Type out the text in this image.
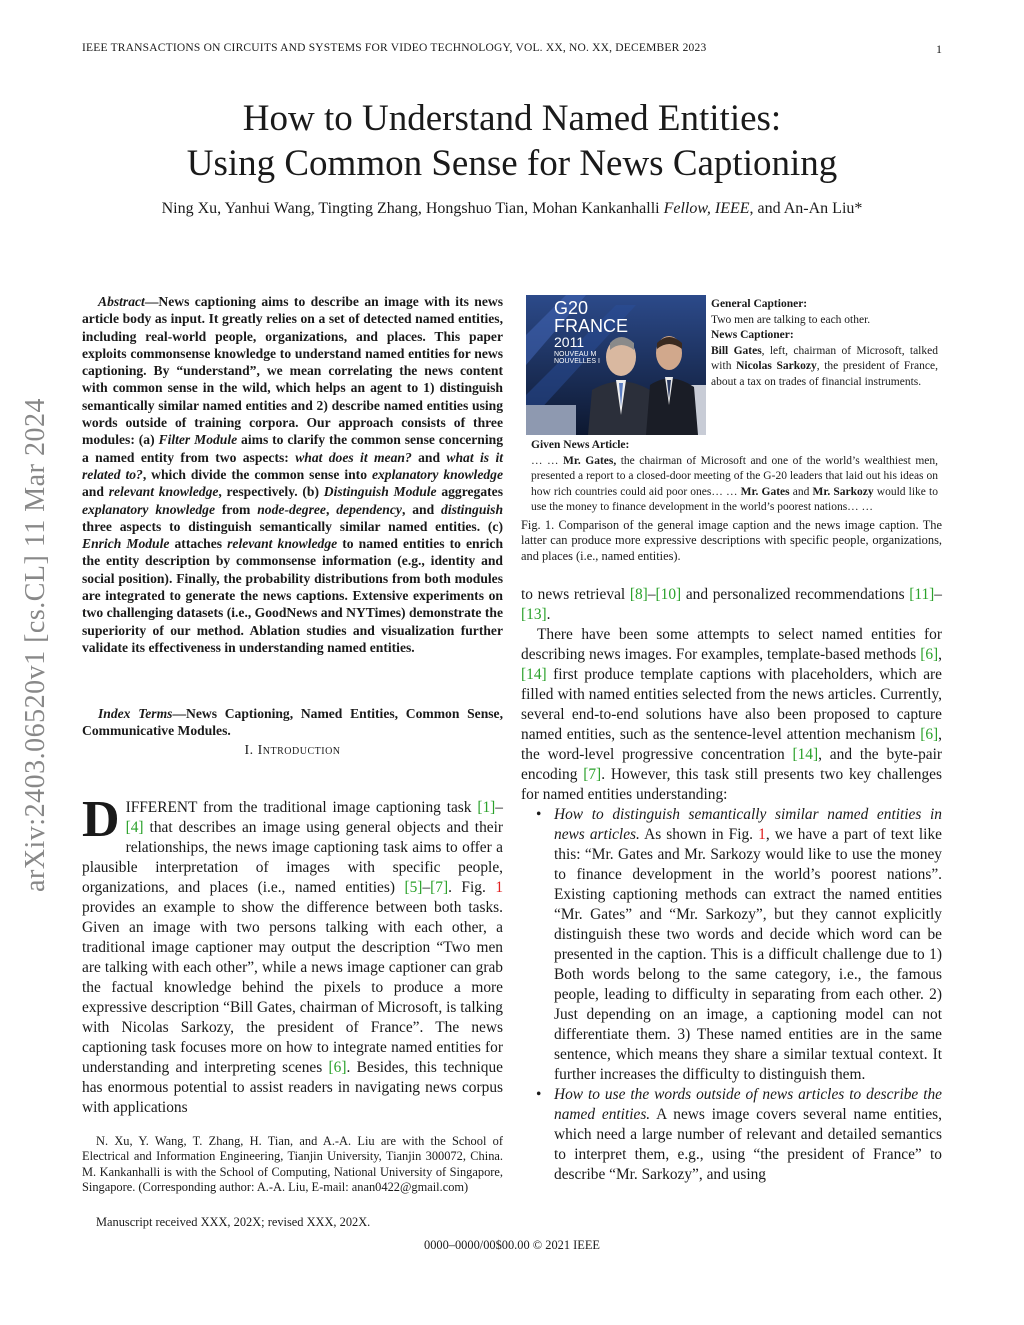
IEEE TRANSACTIONS ON CIRCUITS AND SYSTEMS FOR VIDEO TECHNOLOGY, VOL. XX, NO. XX, DECEMBER 2023	1
How to Understand Named Entities:
Using Common Sense for News Captioning
Ning Xu, Yanhui Wang, Tingting Zhang, Hongshuo Tian, Mohan Kankanhalli Fellow, IEEE, and An-An Liu*
arXiv:2403.06520v1 [cs.CL] 11 Mar 2024

Abstract—News captioning aims to describe an image with its news article body as input. It greatly relies on a set of detected named entities, including real-world people, organizations, and places. This paper exploits commonsense knowledge to understand named entities for news captioning. By “understand”, we mean correlating the news content with common sense in the wild, which helps an agent to 1) distinguish semantically similar named entities and 2) describe named entities using words outside of training corpora. Our approach consists of three modules: (a) Filter Module aims to clarify the common sense concerning a named entity from two aspects: what does it mean? and what is it related to?, which divide the common sense into explanatory knowledge and relevant knowledge, respectively. (b) Distinguish Module aggregates explanatory knowledge from node-degree, dependency, and distinguish three aspects to distinguish semantically similar named entities. (c) Enrich Module attaches relevant knowledge to named entities to enrich the entity description by commonsense information (e.g., identity and social position). Finally, the probability distributions from both modules are integrated to generate the news captions. Extensive experiments on two challenging datasets (i.e., GoodNews and NYTimes) demonstrate the superiority of our method. Ablation studies and visualization further validate its effectiveness in understanding named entities.

Index Terms—News Captioning, Named Entities, Common Sense, Communicative Modules.

I. Introduction

DIFFERENT from the traditional image captioning task [1]–[4] that describes an image using general objects and their relationships, the news image captioning task aims to offer a plausible interpretation of images with specific people, organizations, and places (i.e., named entities) [5]–[7]. Fig. 1 provides an example to show the difference between both tasks. Given an image with two persons talking with each other, a traditional image captioner may output the description “Two men are talking with each other”, while a news image captioner can grab the factual knowledge behind the pixels to produce a more expressive description “Bill Gates, chairman of Microsoft, is talking with Nicolas Sarkozy, the president of France”. The news captioning task focuses more on how to integrate named entities for understanding and interpreting scenes [6]. Besides, this technique has enormous potential to assist readers in navigating news corpus with applications

N. Xu, Y. Wang, T. Zhang, H. Tian, and A.-A. Liu are with the School of Electrical and Information Engineering, Tianjin University, Tianjin 300072, China. M. Kankanhalli is with the School of Computing, National University of Singapore, Singapore. (Corresponding author: A.-A. Liu, E-mail: anan0422@gmail.com)

Manuscript received XXX, 202X; revised XXX, 202X.

G20
FRANCE
2011
NOUVEAU M
NOUVELLES I
General Captioner:
Two men are talking to each other.
News Captioner:
Bill Gates, left, chairman of Microsoft, talked with Nicolas Sarkozy, the president of France, about a tax on trades of financial instruments.
Given News Article:
… … Mr. Gates, the chairman of Microsoft and one of the world’s wealthiest men, presented a report to a closed-door meeting of the G-20 leaders that laid out his ideas on how rich countries could aid poor ones… … Mr. Gates and Mr. Sarkozy would like to use the money to finance development in the world’s poorest nations… …

Fig. 1. Comparison of the general image caption and the news image caption. The latter can produce more expressive descriptions with specific people, organizations, and places (i.e., named entities).

to news retrieval [8]–[10] and personalized recommendations [11]–[13].

There have been some attempts to select named entities for describing news images. For examples, template-based methods [6], [14] first produce template captions with placeholders, which are filled with named entities selected from the news articles. Currently, several end-to-end solutions have also been proposed to capture named entities, such as the sentence-level attention mechanism [6], the word-level progressive concentration [14], and the byte-pair encoding [7]. However, this task still presents two key challenges for named entities understanding:

• How to distinguish semantically similar named entities in news articles. As shown in Fig. 1, we have a part of text like this: “Mr. Gates and Mr. Sarkozy would like to use the money to finance development in the world’s poorest nations”. Existing captioning methods can extract the named entities “Mr. Gates” and “Mr. Sarkozy”, but they cannot explicitly distinguish these two words and decide which word can be presented in the caption. This is a difficult challenge due to 1) Both words belong to the same category, i.e., the famous people, leading to difficulty in separating from each other. 2) Just depending on an image, a captioning model can not differentiate them. 3) These named entities are in the same sentence, which means they share a similar textual context. It further increases the difficulty to distinguish them.
• How to use the words outside of news articles to describe the named entities. A news image covers several name entities, which need a large number of relevant and detailed semantics to interpret them, e.g., using “the president of France” to describe “Mr. Sarkozy”, and using
0000–0000/00$00.00 © 2021 IEEE
